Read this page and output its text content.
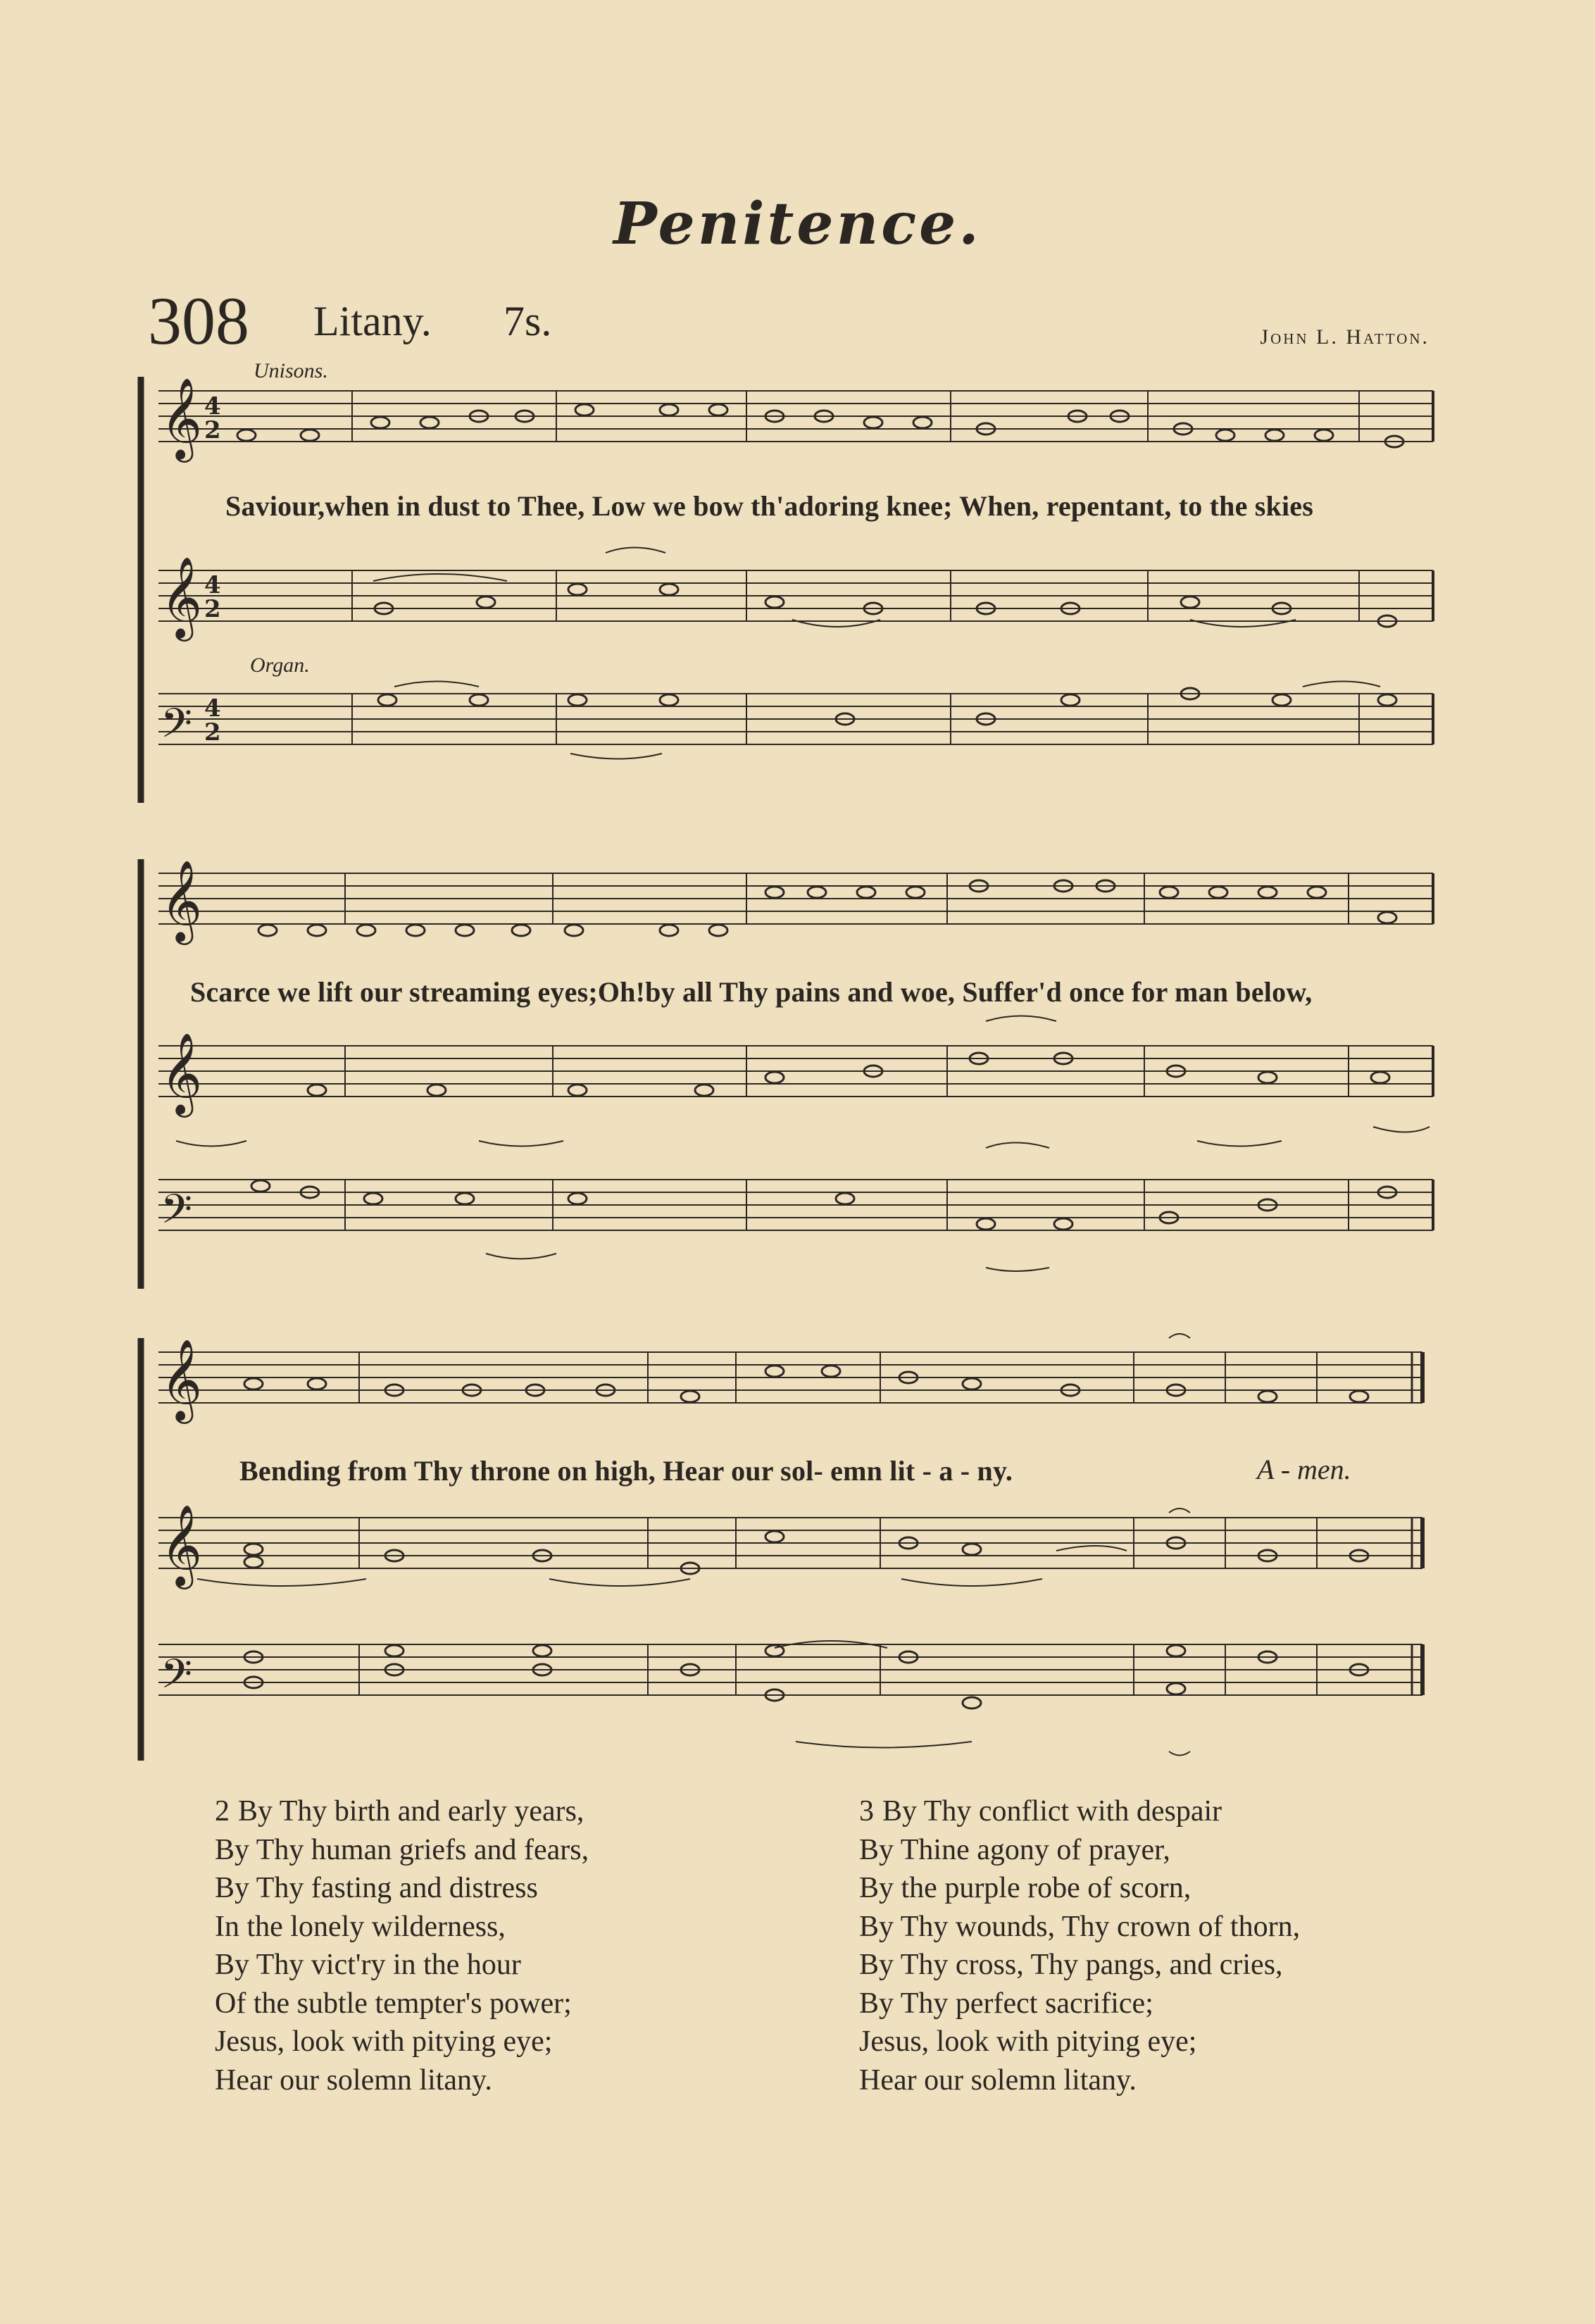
Penitence.
308 Litany. 7s.	John L. Hatton.
Unisons.
Organ.
𝄞
𝄞
𝄢
4
2
4
2
4
2
Saviour,when in dust to Thee, Low we bow th'adoring knee; When, repentant, to the skies
𝄞
𝄞
𝄢
Scarce we lift our streaming eyes;Oh!by all Thy pains and woe, Suffer'd once for man below,
𝄞
𝄞
𝄢
Bending from Thy throne on high, Hear our sol- emn lit - a - ny.	A - men.
2 By Thy birth and early years,
By Thy human griefs and fears,
By Thy fasting and distress
In the lonely wilderness,
By Thy vict'ry in the hour
Of the subtle tempter's power;
Jesus, look with pitying eye;
Hear our solemn litany.
3 By Thy conflict with despair
By Thine agony of prayer,
By the purple robe of scorn,
By Thy wounds, Thy crown of thorn,
By Thy cross, Thy pangs, and cries,
By Thy perfect sacrifice;
Jesus, look with pitying eye;
Hear our solemn litany.
